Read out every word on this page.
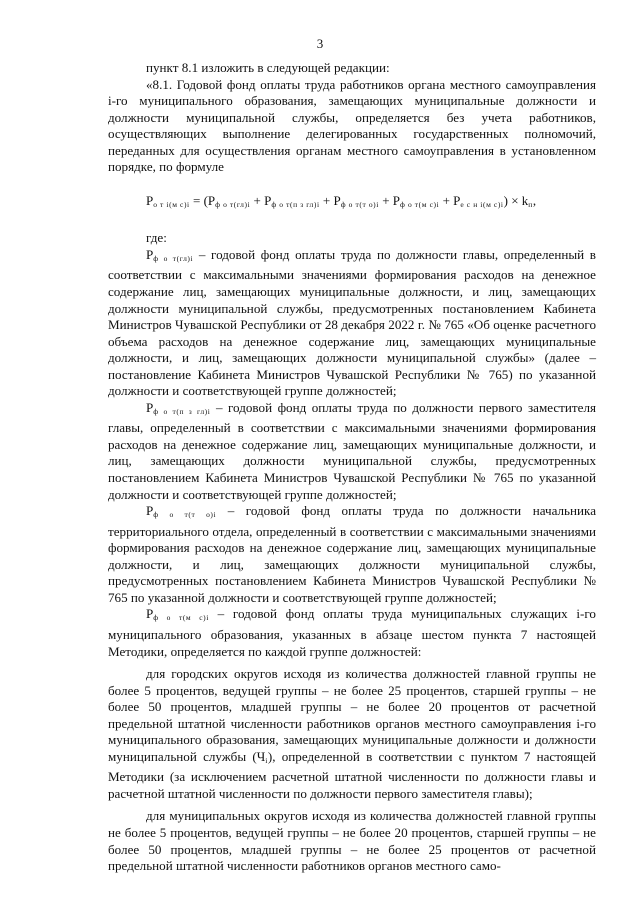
3

пункт 8.1 изложить в следующей редакции:

«8.1. Годовой фонд оплаты труда работников органа местного самоуправления i-го муниципального образования, замещающих муниципальные должности и должности муниципальной службы, определяется без учета работников, осуществляющих выполнение делегированных государственных полномочий, переданных для осуществления органам местного самоуправления в установленном порядке, по формуле

$Р_{о т i(м с)i} = (Р_{ф о т(гл)i} + Р_{ф о т(п з гл)i} + Р_{ф о т(т о)i} + Р_{ф о т(м с)i} + Р_{е с н i(м с)i}) \times k_п$,

где:

$Р_{ф о т(гл)i}$ – годовой фонд оплаты труда по должности главы, определенный в соответствии с максимальными значениями формирования расходов на денежное содержание лиц, замещающих муниципальные должности, и лиц, замещающих должности муниципальной службы, предусмотренных постановлением Кабинета Министров Чувашской Республики от 28 декабря 2022 г. № 765 «Об оценке расчетного объема расходов на денежное содержание лиц, замещающих муниципальные должности, и лиц, замещающих должности муниципальной службы» (далее – постановление Кабинета Министров Чувашской Республики № 765) по указанной должности и соответствующей группе должностей;

$Р_{ф о т(п з гл)i}$ – годовой фонд оплаты труда по должности первого заместителя главы, определенный в соответствии с максимальными значениями формирования расходов на денежное содержание лиц, замещающих муниципальные должности, и лиц, замещающих должности муниципальной службы, предусмотренных постановлением Кабинета Министров Чувашской Республики № 765 по указанной должности и соответствующей группе должностей;

$Р_{ф о т(т о)i}$ – годовой фонд оплаты труда по должности начальника территориального отдела, определенный в соответствии с максимальными значениями формирования расходов на денежное содержание лиц, замещающих муниципальные должности, и лиц, замещающих должности муниципальной службы, предусмотренных постановлением Кабинета Министров Чувашской Республики № 765 по указанной должности и соответствующей группе должностей;

$Р_{ф о т(м с)i}$ – годовой фонд оплаты труда муниципальных служащих i-го муниципального образования, указанных в абзаце шестом пункта 7 настоящей Методики, определяется по каждой группе должностей:

для городских округов исходя из количества должностей главной группы не более 5 процентов, ведущей группы – не более 25 процентов, старшей группы – не более 50 процентов, младшей группы – не более 20 процентов от расчетной предельной штатной численности работников органов местного самоуправления i-го муниципального образования, замещающих муниципальные должности и должности муниципальной службы $(Ч_i)$, определенной в соответствии с пунктом 7 настоящей Методики (за исключением расчетной штатной численности по должности главы и расчетной штатной численности по должности первого заместителя главы);

для муниципальных округов исходя из количества должностей главной группы не более 5 процентов, ведущей группы – не более 20 процентов, старшей группы – не более 50 процентов, младшей группы – не более 25 процентов от расчетной предельной штатной численности работников органов местного само-
